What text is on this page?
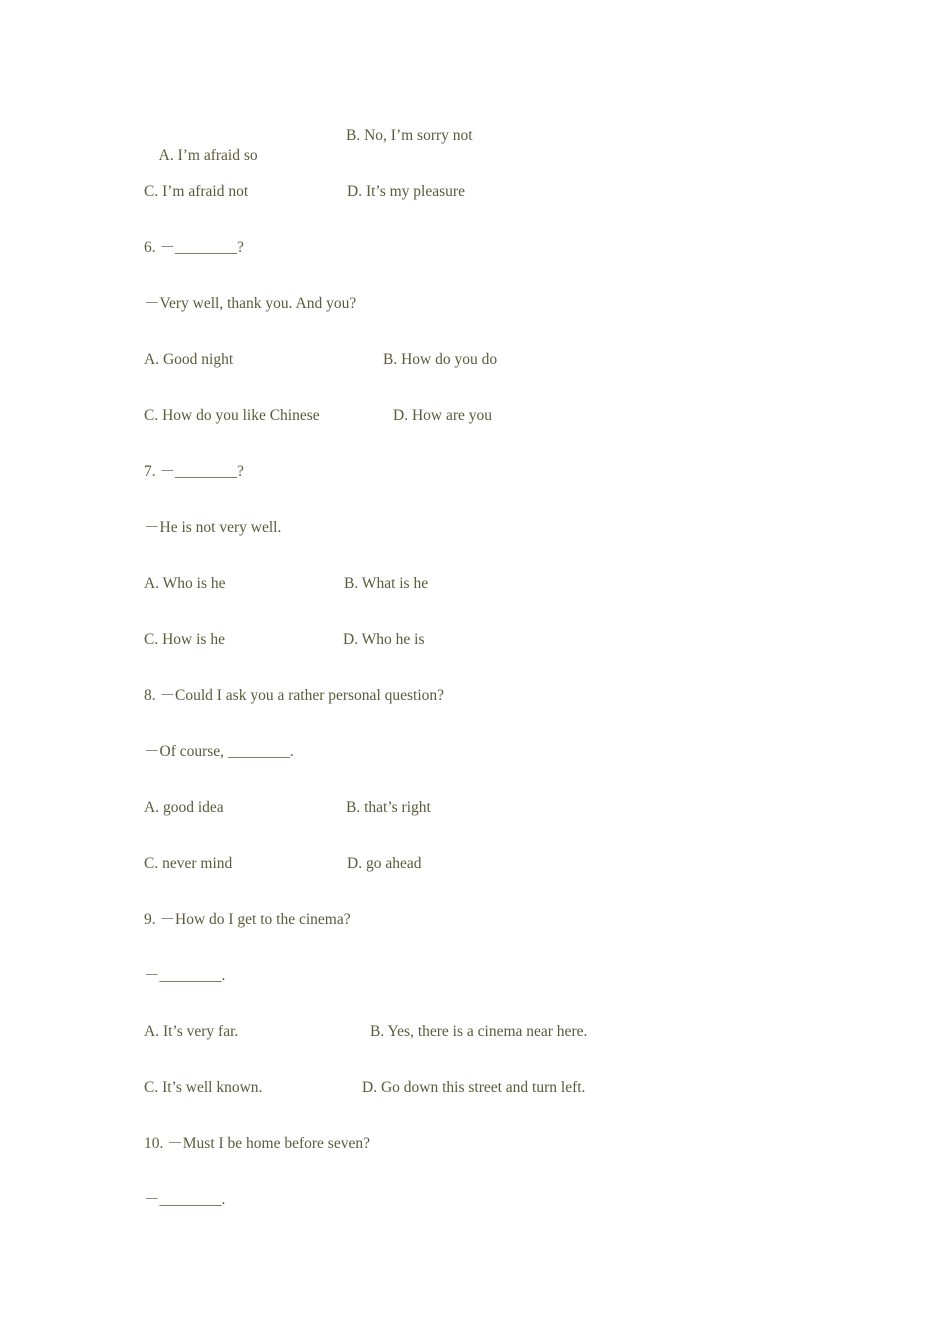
A. I’m afraid so

B. No, I’m sorry not
C. I’m afraid not	D. It’s my pleasure
6. －________?
－Very well, thank you. And you?
A. Good night	B. How do you do
C. How do you like Chinese	D. How are you
7. －________?
－He is not very well.
A. Who is he	B. What is he
C. How is he	D. Who he is
8. －Could I ask you a rather personal question?
－Of course, ________.
A. good idea	B. that’s right
C. never mind	D. go ahead
9. －How do I get to the cinema?
－________.
A. It’s very far.	B. Yes, there is a cinema near here.
C. It’s well known.	D. Go down this street and turn left.
10. －Must I be home before seven?
－________.
